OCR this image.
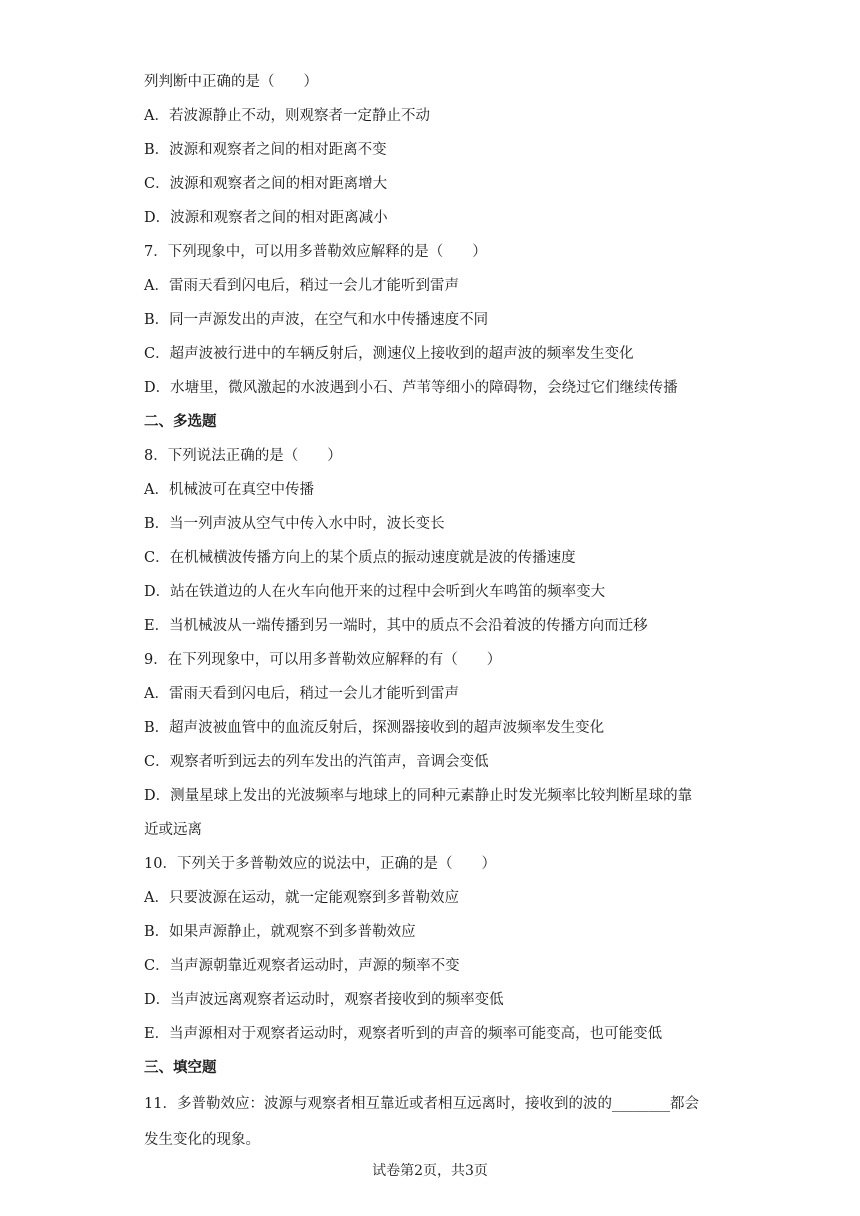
列判断中正确的是（　　）
A．若波源静止不动，则观察者一定静止不动
B．波源和观察者之间的相对距离不变
C．波源和观察者之间的相对距离增大
D．波源和观察者之间的相对距离减小
7．下列现象中，可以用多普勒效应解释的是（　　）
A．雷雨天看到闪电后，稍过一会儿才能听到雷声
B．同一声源发出的声波，在空气和水中传播速度不同
C．超声波被行进中的车辆反射后，测速仪上接收到的超声波的频率发生变化
D．水塘里，微风激起的水波遇到小石、芦苇等细小的障碍物，会绕过它们继续传播
二、多选题
8．下列说法正确的是（　　）
A．机械波可在真空中传播
B．当一列声波从空气中传入水中时，波长变长
C．在机械横波传播方向上的某个质点的振动速度就是波的传播速度
D．站在铁道边的人在火车向他开来的过程中会听到火车鸣笛的频率变大
E．当机械波从一端传播到另一端时，其中的质点不会沿着波的传播方向而迁移
9．在下列现象中，可以用多普勒效应解释的有（　　）
A．雷雨天看到闪电后，稍过一会儿才能听到雷声
B．超声波被血管中的血流反射后，探测器接收到的超声波频率发生变化
C．观察者听到远去的列车发出的汽笛声，音调会变低
D．测量星球上发出的光波频率与地球上的同种元素静止时发光频率比较判断星球的靠
近或远离
10．下列关于多普勒效应的说法中，正确的是（　　）
A．只要波源在运动，就一定能观察到多普勒效应
B．如果声源静止，就观察不到多普勒效应
C．当声源朝靠近观察者运动时，声源的频率不变
D．当声波远离观察者运动时，观察者接收到的频率变低
E．当声源相对于观察者运动时，观察者听到的声音的频率可能变高，也可能变低
三、填空题
11．多普勒效应：波源与观察者相互靠近或者相互远离时，接收到的波的________都会
发生变化的现象。
试卷第2页，共3页
